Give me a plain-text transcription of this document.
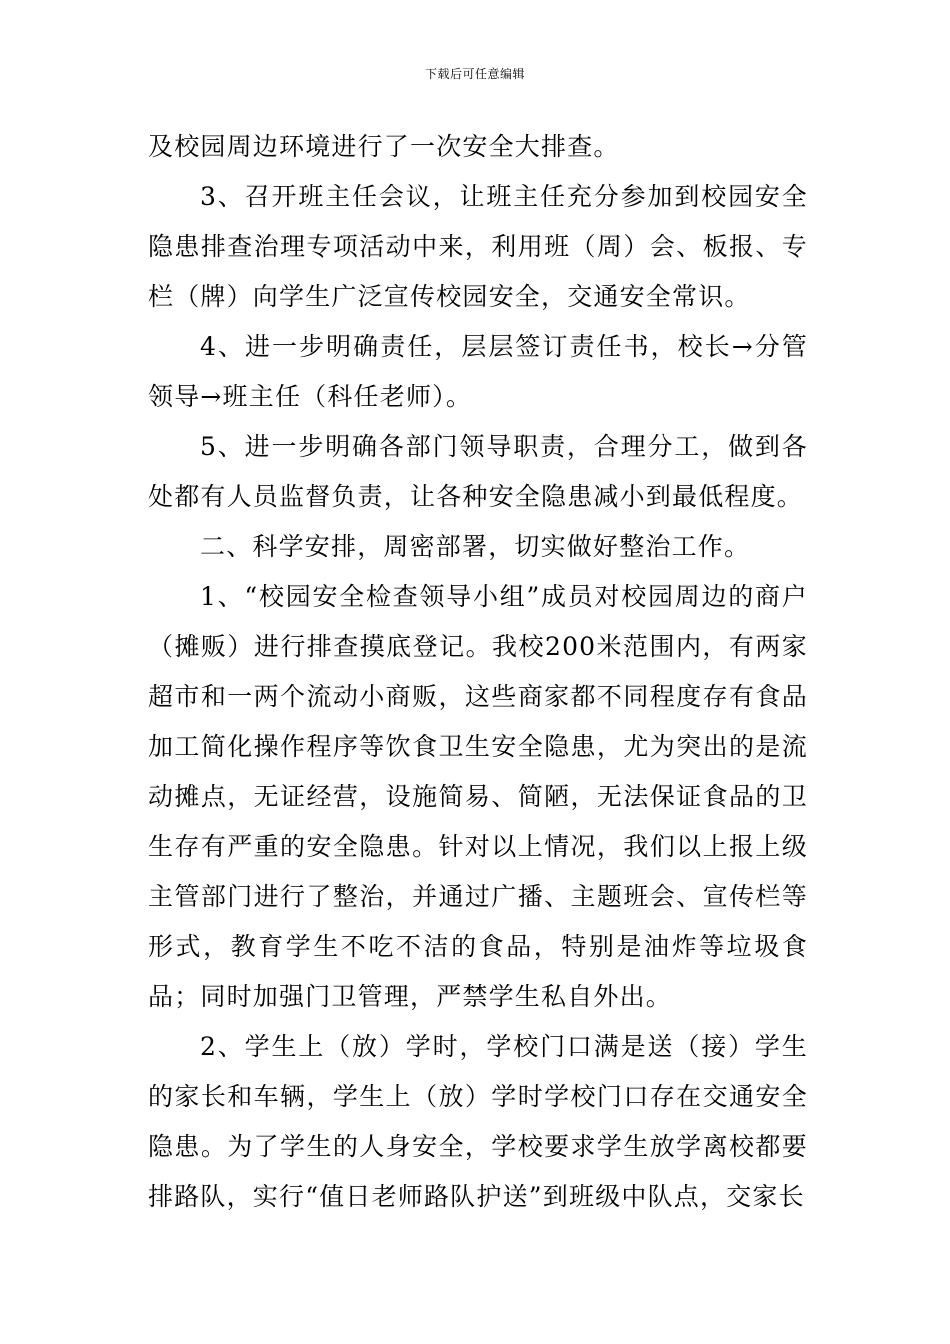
下载后可任意编辑

及校园周边环境进行了一次安全大排查。

3、召开班主任会议，让班主任充分参加到校园安全隐患排查治理专项活动中来，利用班（周）会、板报、专栏（牌）向学生广泛宣传校园安全，交通安全常识。

4、进一步明确责任，层层签订责任书，校长→分管领导→班主任（科任老师）。

5、进一步明确各部门领导职责，合理分工，做到各处都有人员监督负责，让各种安全隐患减小到最低程度。

二、科学安排，周密部署，切实做好整治工作。

1、“校园安全检查领导小组”成员对校园周边的商户（摊贩）进行排查摸底登记。我校200米范围内，有两家超市和一两个流动小商贩，这些商家都不同程度存有食品加工简化操作程序等饮食卫生安全隐患，尤为突出的是流动摊点，无证经营，设施简易、简陋，无法保证食品的卫生存有严重的安全隐患。针对以上情况，我们以上报上级主管部门进行了整治，并通过广播、主题班会、宣传栏等形式，教育学生不吃不洁的食品，特别是油炸等垃圾食品；同时加强门卫管理，严禁学生私自外出。

2、学生上（放）学时，学校门口满是送（接）学生的家长和车辆，学生上（放）学时学校门口存在交通安全隐患。为了学生的人身安全，学校要求学生放学离校都要排路队，实行“值日老师路队护送”到班级中队点，交家长
